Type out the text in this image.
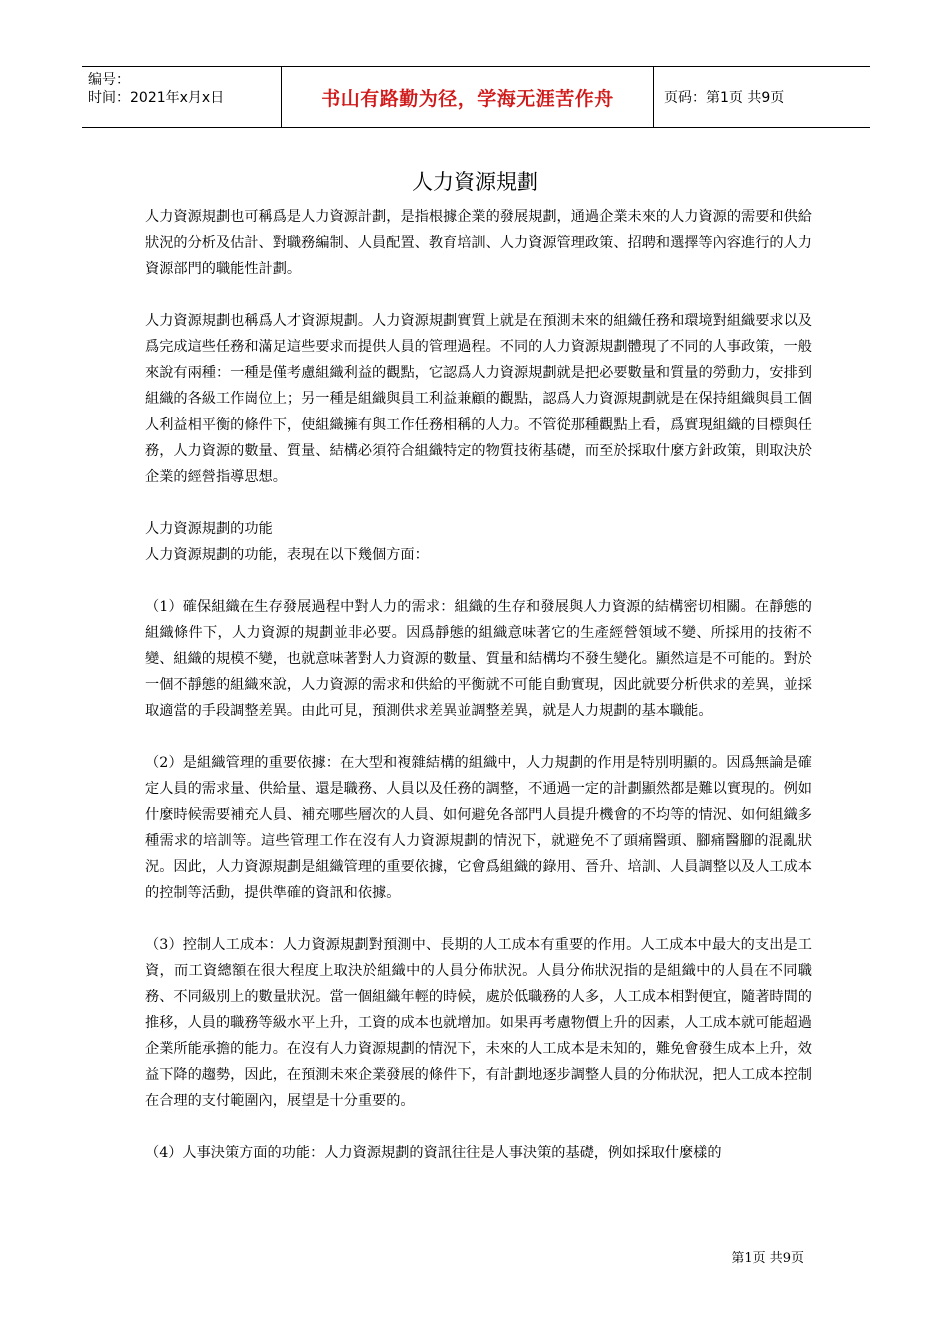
编号：
时间：2021年x月x日	书山有路勤为径，学海无涯苦作舟	页码：第1页 共9页
人力資源規劃

人力資源規劃也可稱爲是人力資源計劃，是指根據企業的發展規劃，通過企業未來的人力資源的需要和供給狀況的分析及估計、對職務編制、人員配置、教育培訓、人力資源管理政策、招聘和選擇等內容進行的人力資源部門的職能性計劃。

人力資源規劃也稱爲人才資源規劃。人力資源規劃實質上就是在預測未來的組織任務和環境對組織要求以及爲完成這些任務和滿足這些要求而提供人員的管理過程。不同的人力資源規劃體現了不同的人事政策，一般來說有兩種：一種是僅考慮組織利益的觀點，它認爲人力資源規劃就是把必要數量和質量的勞動力，安排到組織的各級工作崗位上；另一種是組織與員工利益兼顧的觀點，認爲人力資源規劃就是在保持組織與員工個人利益相平衡的條件下，使組織擁有與工作任務相稱的人力。不管從那種觀點上看，爲實現組織的目標與任務，人力資源的數量、質量、結構必須符合組織特定的物質技術基礎，而至於採取什麼方針政策，則取決於企業的經營指導思想。

人力資源規劃的功能

人力資源規劃的功能，表現在以下幾個方面：

（1）確保組織在生存發展過程中對人力的需求：組織的生存和發展與人力資源的結構密切相關。在靜態的組織條件下，人力資源的規劃並非必要。因爲靜態的組織意味著它的生產經營領域不變、所採用的技術不變、組織的規模不變，也就意味著對人力資源的數量、質量和結構均不發生變化。顯然這是不可能的。對於一個不靜態的組織來說，人力資源的需求和供給的平衡就不可能自動實現，因此就要分析供求的差異，並採取適當的手段調整差異。由此可見，預測供求差異並調整差異，就是人力規劃的基本職能。

（2）是組織管理的重要依據：在大型和複雜結構的組織中，人力規劃的作用是特別明顯的。因爲無論是確定人員的需求量、供給量、還是職務、人員以及任務的調整，不通過一定的計劃顯然都是難以實現的。例如什麼時候需要補充人員、補充哪些層次的人員、如何避免各部門人員提升機會的不均等的情況、如何組織多種需求的培訓等。這些管理工作在沒有人力資源規劃的情況下，就避免不了頭痛醫頭、腳痛醫腳的混亂狀況。因此，人力資源規劃是組織管理的重要依據，它會爲組織的錄用、晉升、培訓、人員調整以及人工成本的控制等活動，提供準確的資訊和依據。

（3）控制人工成本：人力資源規劃對預測中、長期的人工成本有重要的作用。人工成本中最大的支出是工資，而工資總額在很大程度上取決於組織中的人員分佈狀況。人員分佈狀況指的是組織中的人員在不同職務、不同級別上的數量狀況。當一個組織年輕的時候，處於低職務的人多，人工成本相對便宜，隨著時間的推移，人員的職務等級水平上升，工資的成本也就增加。如果再考慮物價上升的因素，人工成本就可能超過企業所能承擔的能力。在沒有人力資源規劃的情況下，未來的人工成本是未知的，難免會發生成本上升，效益下降的趨勢，因此，在預測未來企業發展的條件下，有計劃地逐步調整人員的分佈狀況，把人工成本控制在合理的支付範圍內，展望是十分重要的。

（4）人事決策方面的功能：人力資源規劃的資訊往往是人事決策的基礎，例如採取什麼樣的

第1页 共9页
